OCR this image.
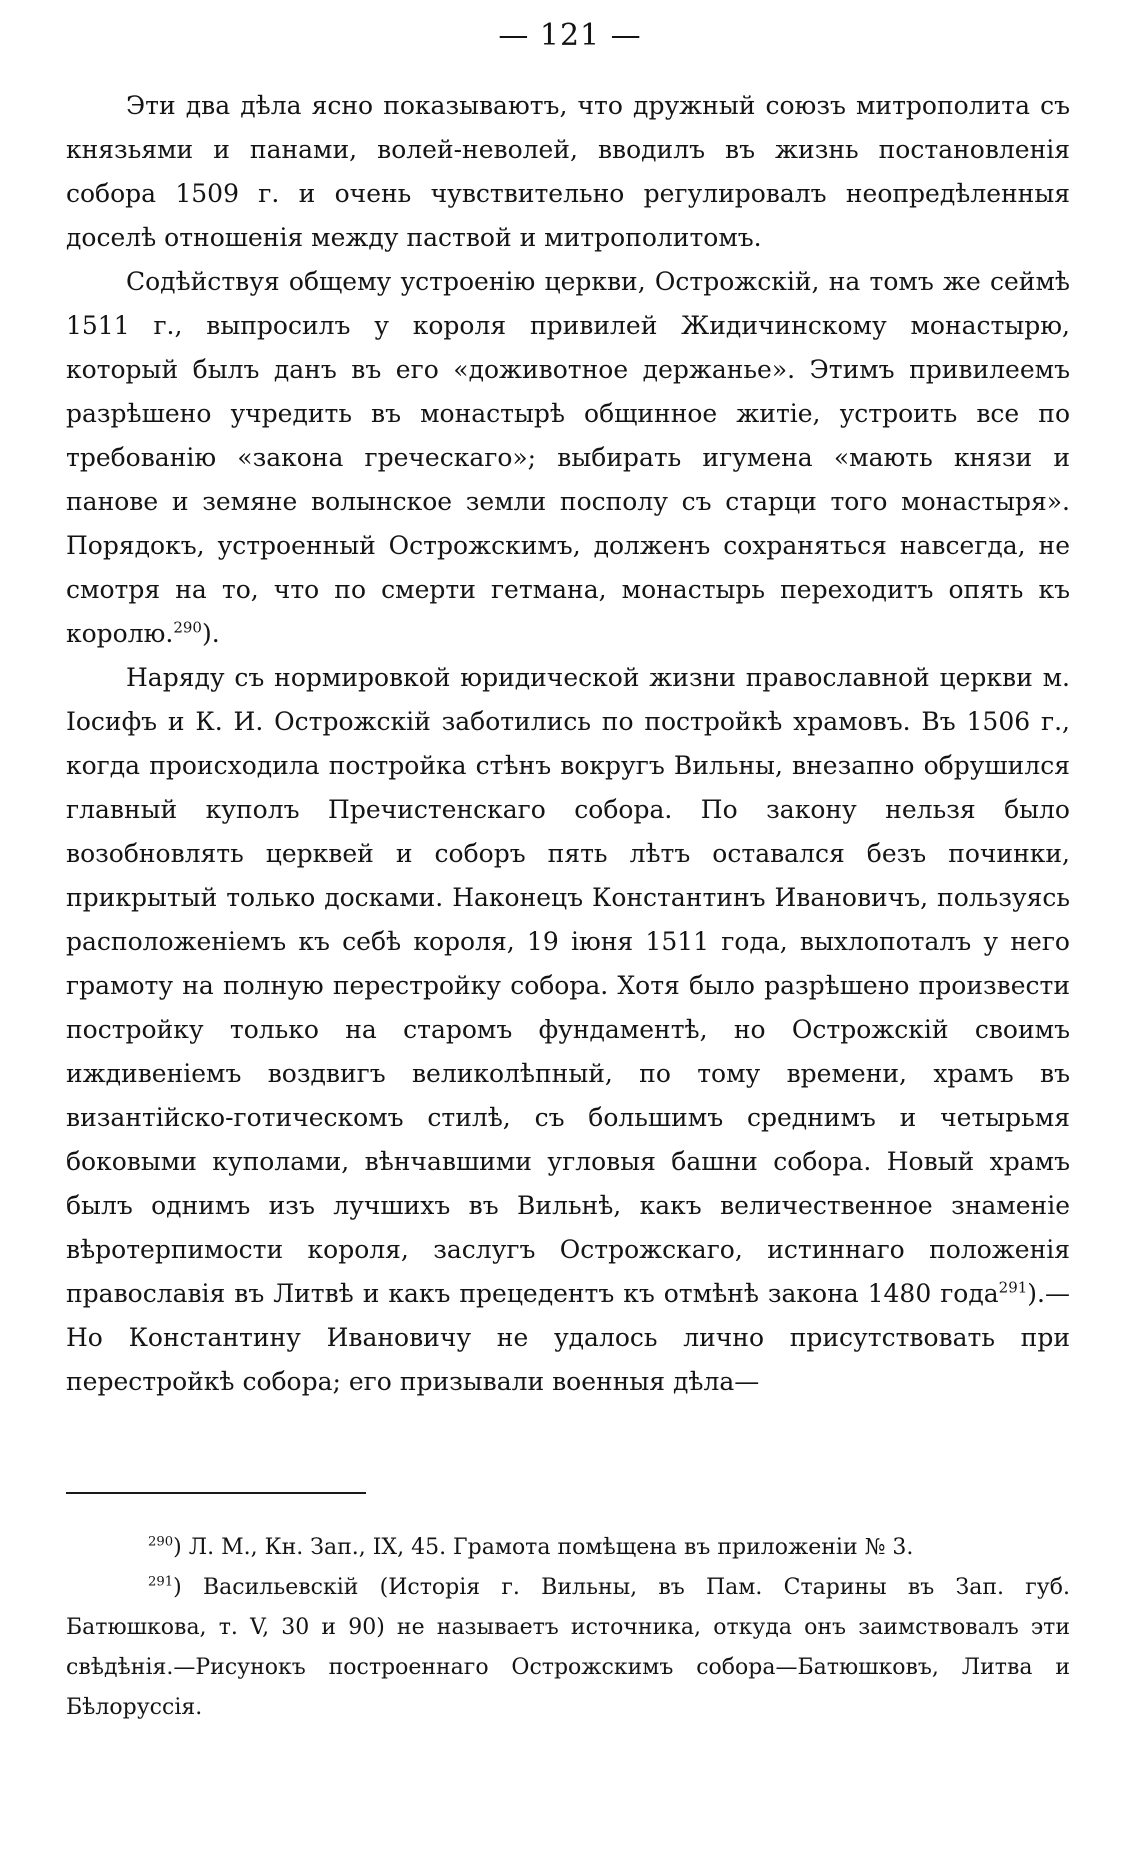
— 121 —

Эти два дѣла ясно показываютъ, что дружный союзъ митрополита съ князьями и панами, волей-неволей, вводилъ въ жизнь постановленія собора 1509 г. и очень чувствительно регулировалъ неопредѣленныя доселѣ отношенія между паствой и митрополитомъ.

Содѣйствуя общему устроенію церкви, Острожскій, на томъ же сеймѣ 1511 г., выпросилъ у короля привилей Жидичинскому монастырю, который былъ данъ въ его «доживотное держанье». Этимъ привилеемъ разрѣшено учредить въ монастырѣ общинное житіе, устроить все по требованію «закона греческаго»; выбирать игумена «мають князи и панове и земяне волынское земли посполу съ старци того монастыря». Порядокъ, устроенный Острожскимъ, долженъ сохраняться навсегда, не смотря на то, что по смерти гетмана, монастырь переходитъ опять къ королю.$^{290}$).

Наряду съ нормировкой юридической жизни православной церкви м. Іосифъ и К. И. Острожскій заботились по постройкѣ храмовъ. Въ 1506 г., когда происходила постройка стѣнъ вокругъ Вильны, внезапно обрушился главный куполъ Пречистенскаго собора. По закону нельзя было возобновлять церквей и соборъ пять лѣтъ оставался безъ починки, прикрытый только досками. Наконецъ Константинъ Ивановичъ, пользуясь расположеніемъ къ себѣ короля, 19 іюня 1511 года, выхлопоталъ у него грамоту на полную перестройку собора. Хотя было разрѣшено произвести постройку только на старомъ фундаментѣ, но Острожскій своимъ иждивеніемъ воздвигъ великолѣпный, по тому времени, храмъ въ византійско-готическомъ стилѣ, съ большимъ среднимъ и четырьмя боковыми куполами, вѣнчавшими угловыя башни собора. Новый храмъ былъ однимъ изъ лучшихъ въ Вильнѣ, какъ величественное знаменіе вѣротерпимости короля, заслугъ Острожскаго, истиннаго положенія православія въ Литвѣ и какъ прецедентъ къ отмѣнѣ закона 1480 года$^{291}$).—Но Константину Ивановичу не удалось лично присутствовать при перестройкѣ собора; его призывали военныя дѣла—

$^{290}$) Л. М., Кн. Зап., IX, 45. Грамота помѣщена въ приложеніи № 3.

$^{291}$) Васильевскій (Исторія г. Вильны, въ Пам. Старины въ Зап. губ. Батюшкова, т. V, 30 и 90) не называетъ источника, откуда онъ заимствовалъ эти свѣдѣнія.—Рисунокъ построеннаго Острожскимъ собора—Батюшковъ, Литва и Бѣлоруссія.
